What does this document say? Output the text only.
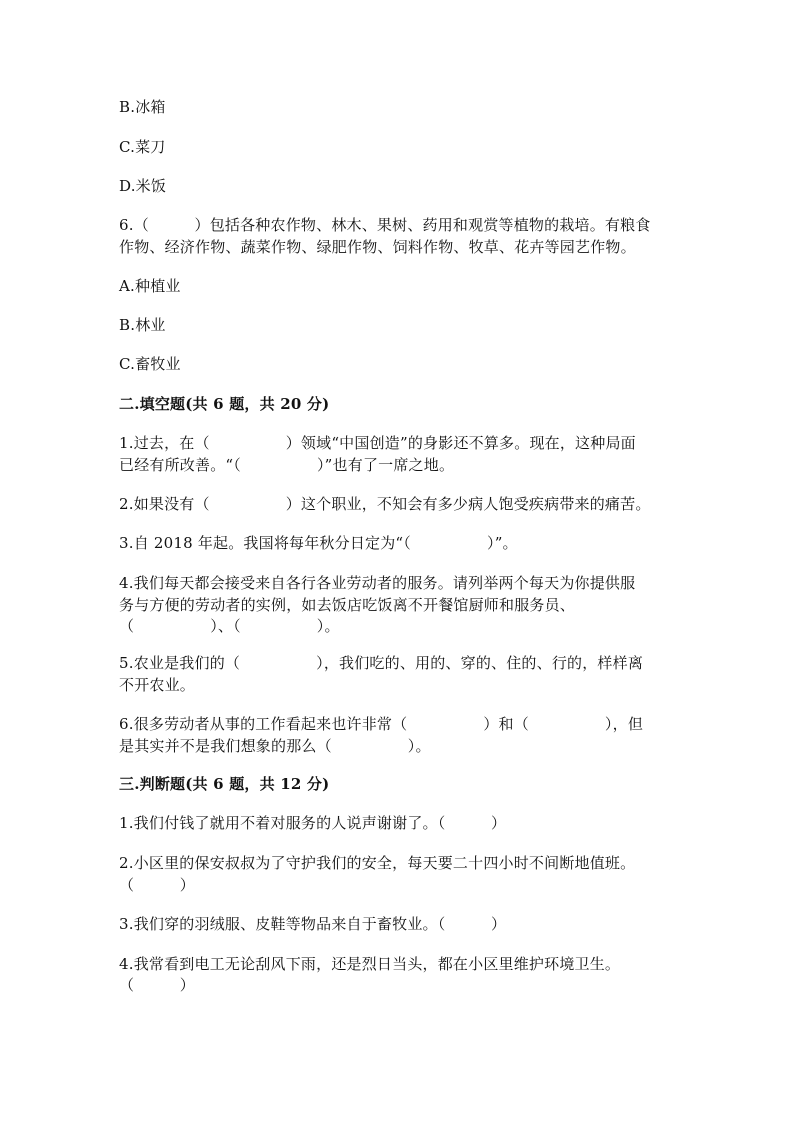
B.冰箱
C.菜刀
D.米饭
6.（　　　）包括各种农作物、林木、果树、药用和观赏等植物的栽培。有粮食
作物、经济作物、蔬菜作物、绿肥作物、饲料作物、牧草、花卉等园艺作物。
A.种植业
B.林业
C.畜牧业
二.填空题(共 6 题，共 20 分)
1.过去，在（　　　　　）领域“中国创造”的身影还不算多。现在，这种局面
已经有所改善。“（　　　　　）”也有了一席之地。
2.如果没有（　　　　　）这个职业，不知会有多少病人饱受疾病带来的痛苦。
3.自 2018 年起。我国将每年秋分日定为“（　　　　　）”。
4.我们每天都会接受来自各行各业劳动者的服务。请列举两个每天为你提供服
务与方便的劳动者的实例，如去饭店吃饭离不开餐馆厨师和服务员、
（　　　　　）、（　　　　　）。
5.农业是我们的（　　　　　），我们吃的、用的、穿的、住的、行的，样样离
不开农业。
6.很多劳动者从事的工作看起来也许非常（　　　　　）和（　　　　　），但
是其实并不是我们想象的那么（　　　　　）。
三.判断题(共 6 题，共 12 分)
1.我们付钱了就用不着对服务的人说声谢谢了。（　　　）
2.小区里的保安叔叔为了守护我们的安全，每天要二十四小时不间断地值班。
（　　　）
3.我们穿的羽绒服、皮鞋等物品来自于畜牧业。（　　　）
4.我常看到电工无论刮风下雨，还是烈日当头，都在小区里维护环境卫生。
（　　　）
